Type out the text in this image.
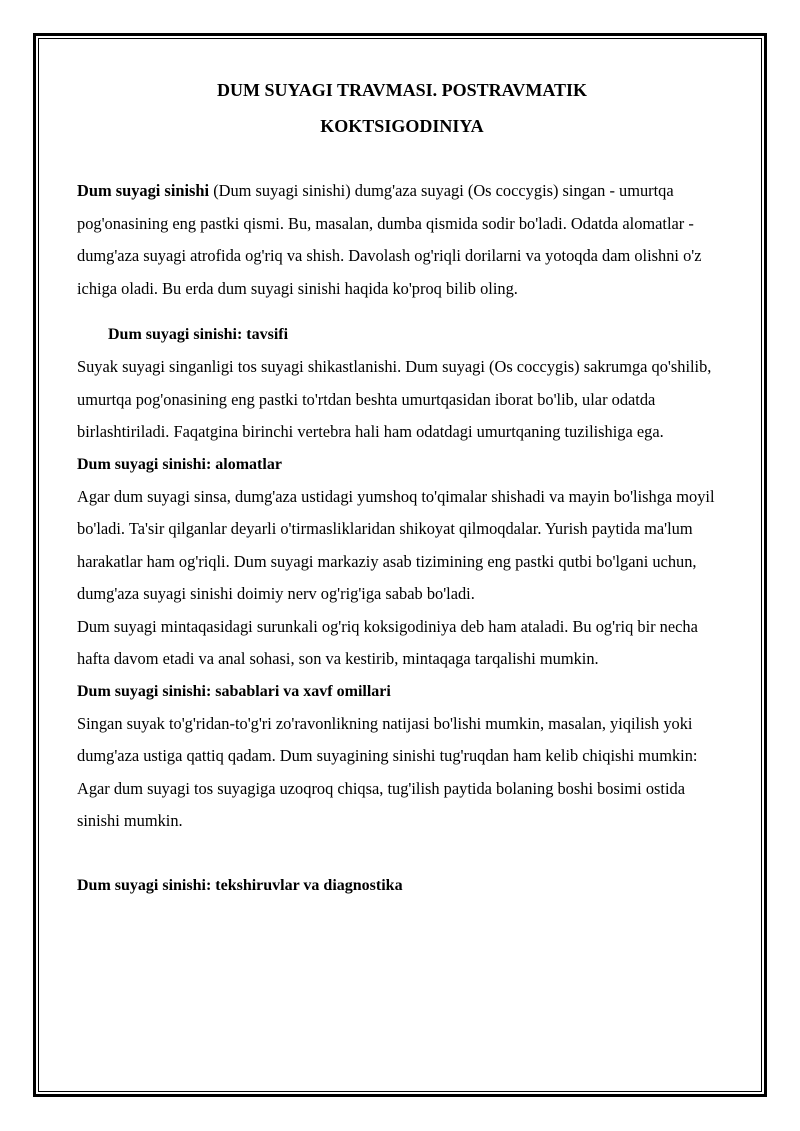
DUM SUYAGI TRAVMASI. POSTRAVMATIK
KOKTSIGODINIYA

Dum suyagi sinishi (Dum suyagi sinishi) dumg'aza suyagi (Os coccygis) singan - umurtqa pog'onasining eng pastki qismi. Bu, masalan, dumba qismida sodir bo'ladi. Odatda alomatlar - dumg'aza suyagi atrofida og'riq va shish. Davolash og'riqli dorilarni va yotoqda dam olishni o'z ichiga oladi. Bu erda dum suyagi sinishi haqida ko'proq bilib oling.

Dum suyagi sinishi: tavsifi

Suyak suyagi singanligi tos suyagi shikastlanishi. Dum suyagi (Os coccygis) sakrumga qo'shilib, umurtqa pog'onasining eng pastki to'rtdan beshta umurtqasidan iborat bo'lib, ular odatda birlashtiriladi. Faqatgina birinchi vertebra hali ham odatdagi umurtqaning tuzilishiga ega.

Dum suyagi sinishi: alomatlar

Agar dum suyagi sinsa, dumg'aza ustidagi yumshoq to'qimalar shishadi va mayin bo'lishga moyil bo'ladi. Ta'sir qilganlar deyarli o'tirmasliklaridan shikoyat qilmoqdalar. Yurish paytida ma'lum harakatlar ham og'riqli. Dum suyagi markaziy asab tizimining eng pastki qutbi bo'lgani uchun, dumg'aza suyagi sinishi doimiy nerv og'rig'iga sabab bo'ladi.

Dum suyagi mintaqasidagi surunkali og'riq koksigodiniya deb ham ataladi. Bu og'riq bir necha hafta davom etadi va anal sohasi, son va kestirib, mintaqaga tarqalishi mumkin.

Dum suyagi sinishi: sabablari va xavf omillari

Singan suyak to'g'ridan-to'g'ri zo'ravonlikning natijasi bo'lishi mumkin, masalan, yiqilish yoki dumg'aza ustiga qattiq qadam. Dum suyagining sinishi tug'ruqdan ham kelib chiqishi mumkin: Agar dum suyagi tos suyagiga uzoqroq chiqsa, tug'ilish paytida bolaning boshi bosimi ostida sinishi mumkin.

Dum suyagi sinishi: tekshiruvlar va diagnostika
